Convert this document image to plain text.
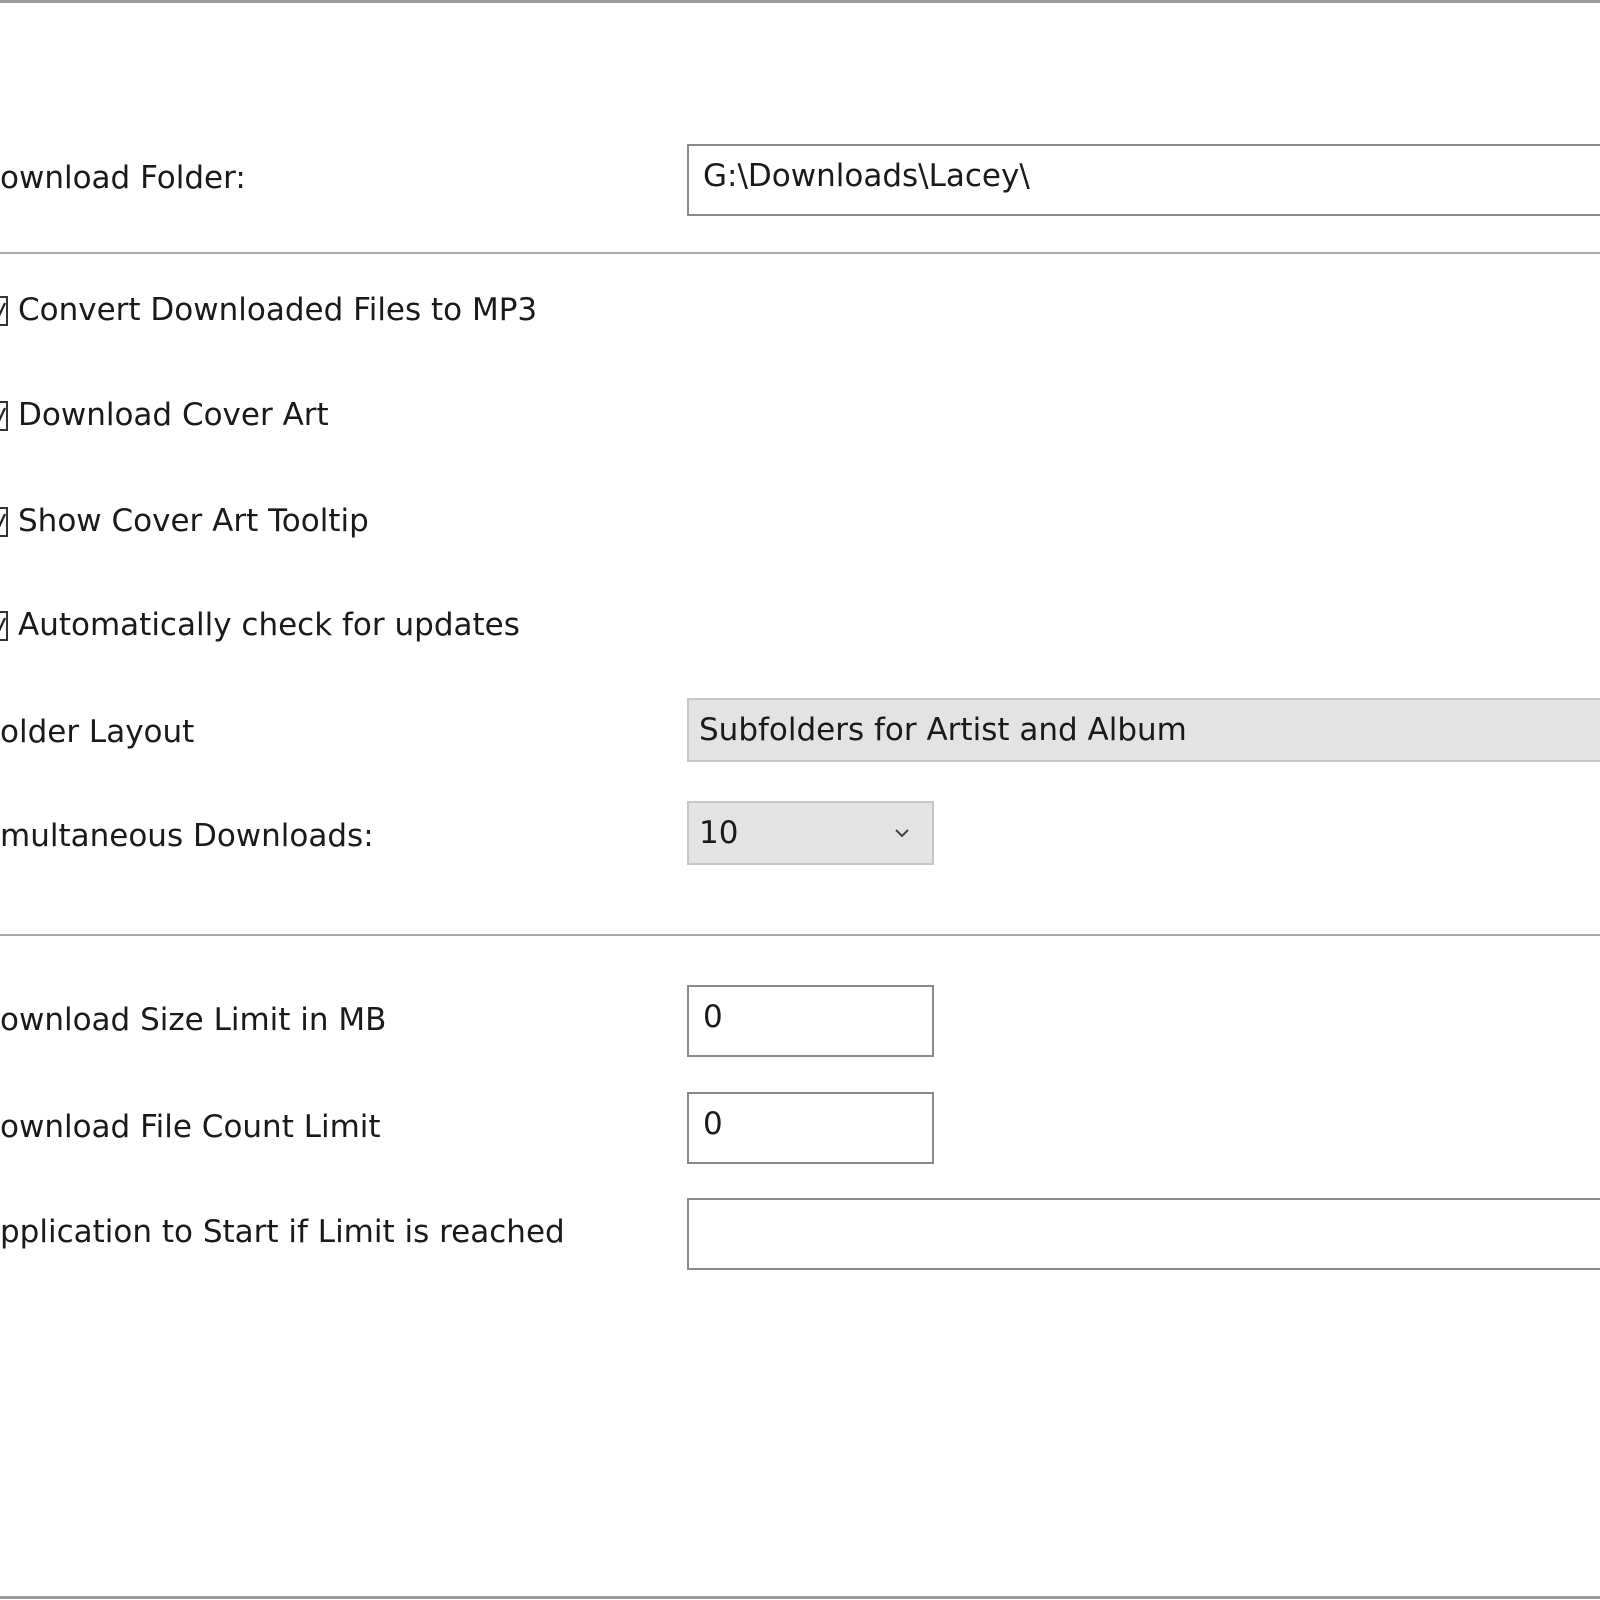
ownload Folder:	G:\Downloads\Lacey\
Convert Downloaded Files to MP3
Download Cover Art
Show Cover Art Tooltip
Automatically check for updates
older Layout	Subfolders for Artist and Album
multaneous Downloads:	10
ownload Size Limit in MB	0
ownload File Count Limit	0
pplication to Start if Limit is reached
